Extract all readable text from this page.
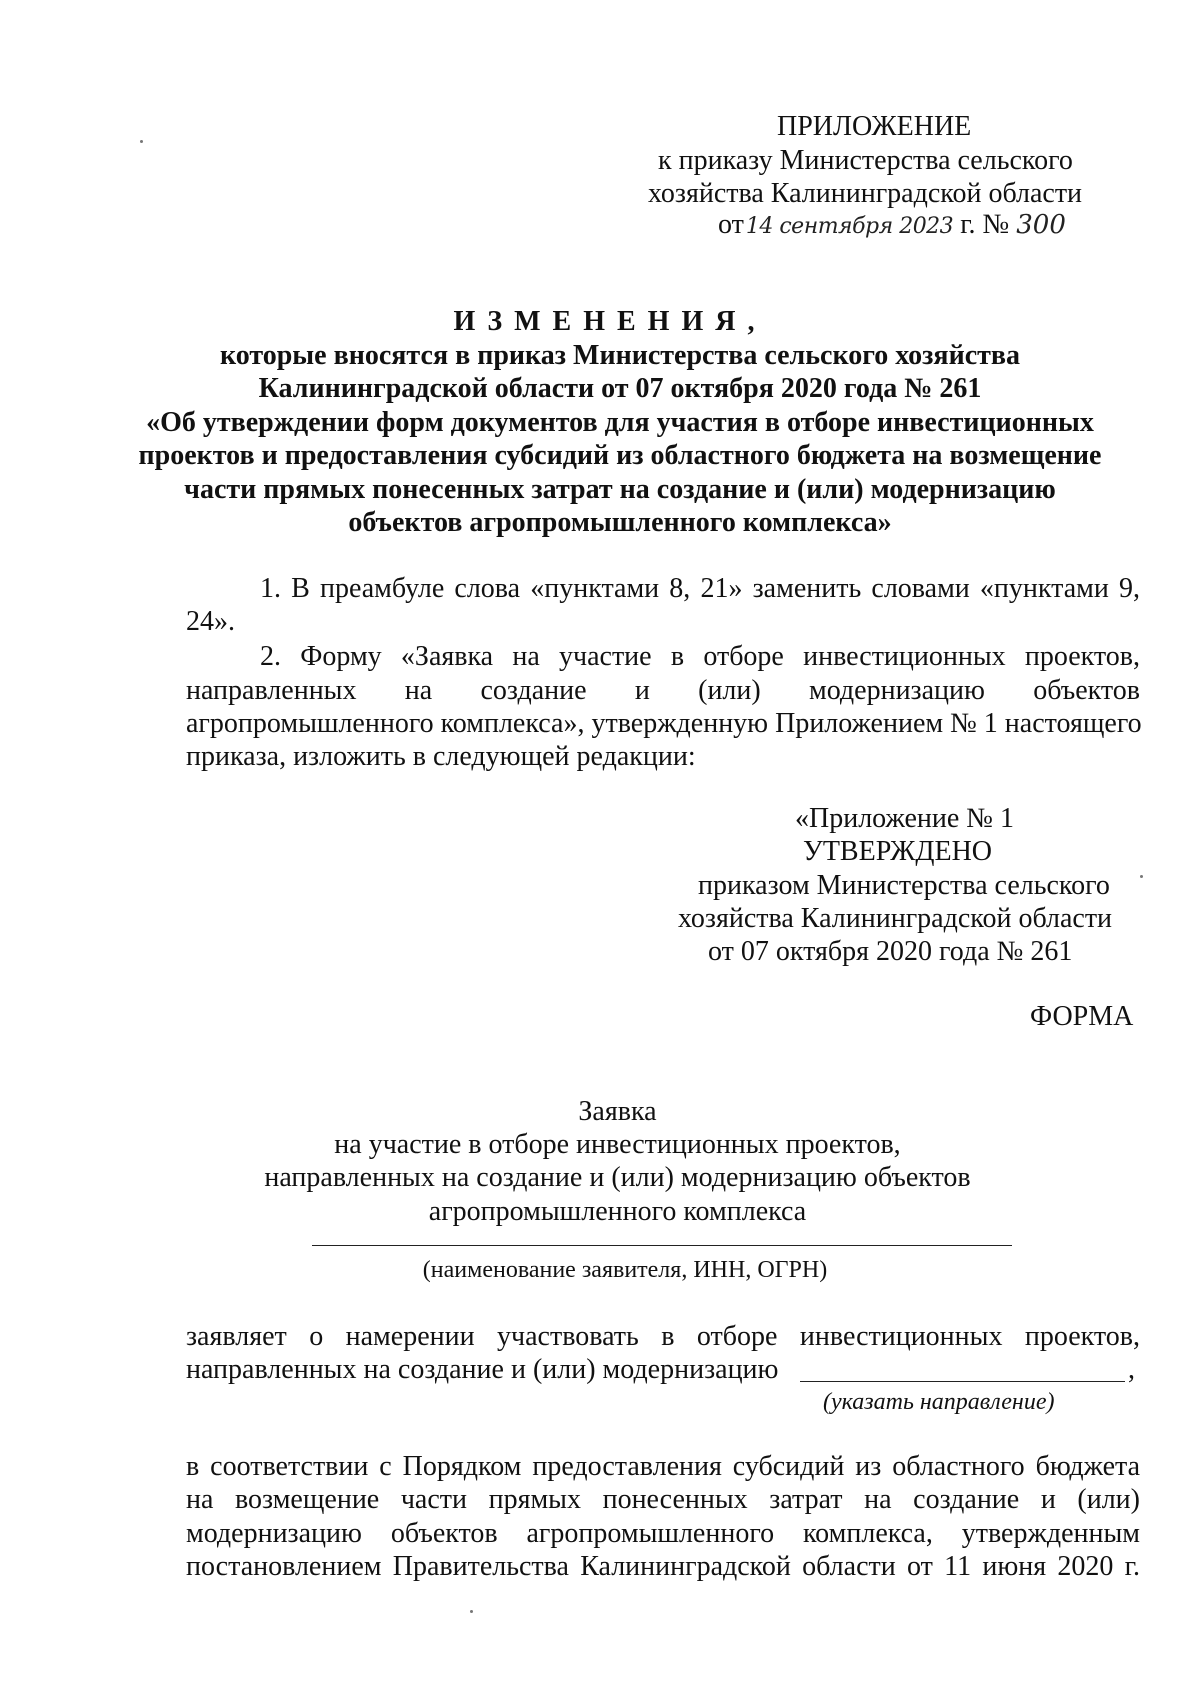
ПРИЛОЖЕНИЕ
к приказу Министерства сельского
хозяйства Калининградской области
от14 сентября 2023 г. № 300
ИЗМЕНЕНИЯ,
которые вносятся в приказ Министерства сельского хозяйства
Калининградской области от 07 октября 2020 года № 261
«Об утверждении форм документов для участия в отборе инвестиционных
проектов и предоставления субсидий из областного бюджета на возмещение
части прямых понесенных затрат на создание и (или) модернизацию
объектов агропромышленного комплекса»
1. В преамбуле слова «пунктами 8, 21» заменить словами «пунктами 9,
24».
2. Форму «Заявка на участие в отборе инвестиционных проектов,
направленных на создание и (или) модернизацию объектов
агропромышленного комплекса», утвержденную Приложением № 1 настоящего
приказа, изложить в следующей редакции:
«Приложение № 1
УТВЕРЖДЕНО
приказом Министерства сельского
хозяйства Калининградской области
от 07 октября 2020 года № 261
ФОРМА
Заявка
на участие в отборе инвестиционных проектов,
направленных на создание и (или) модернизацию объектов
агропромышленного комплекса
(наименование заявителя, ИНН, ОГРН)
заявляет о намерении участвовать в отборе инвестиционных проектов,
направленных на создание и (или) модернизацию	,
(указать направление)
в соответствии с Порядком предоставления субсидий из областного бюджета
на возмещение части прямых понесенных затрат на создание и (или)
модернизацию объектов агропромышленного комплекса, утвержденным
постановлением Правительства Калининградской области от 11 июня 2020 г.
